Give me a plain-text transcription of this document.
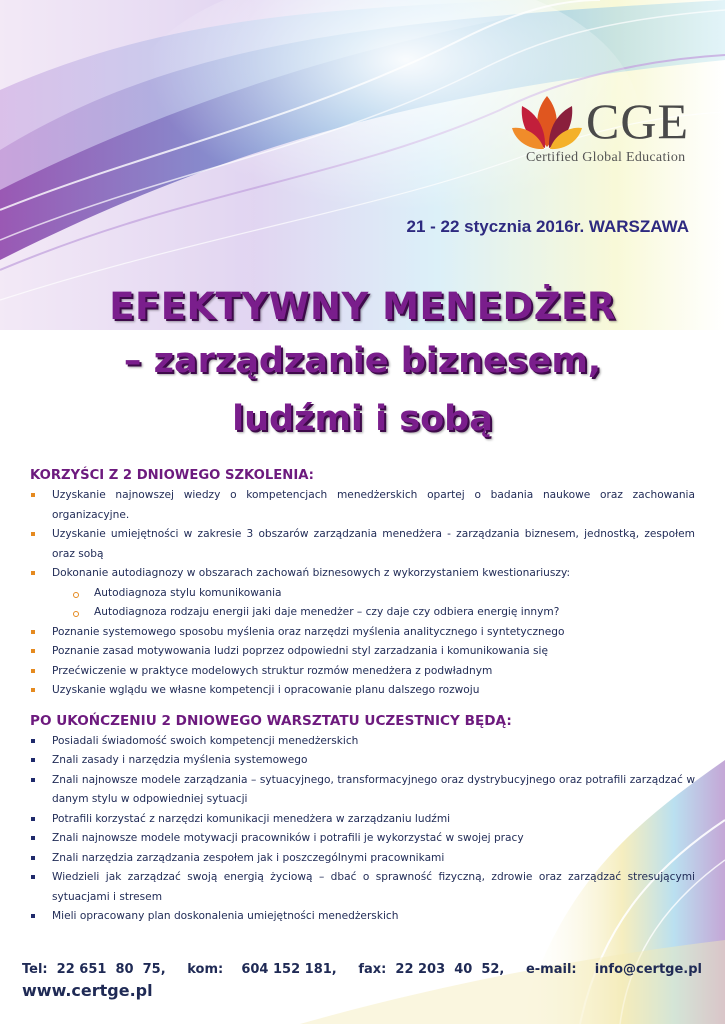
CGE
Certified Global Education
21 - 22 stycznia 2016r. WARSZAWA
EFEKTYWNY MENEDŻER
– zarządzanie biznesem,
ludźmi i sobą
KORZYŚCI Z 2 DNIOWEGO SZKOLENIA:
Uzyskanie najnowszej wiedzy o kompetencjach menedżerskich opartej o badania naukowe oraz zachowania organizacyjne.
Uzyskanie umiejętności w zakresie 3 obszarów zarządzania menedżera - zarządzania biznesem, jednostką, zespołem oraz sobą
Dokonanie autodiagnozy w obszarach zachowań biznesowych z wykorzystaniem kwestionariuszy:
Autodiagnoza stylu komunikowania
Autodiagnoza rodzaju energii jaki daje menedżer – czy daje czy odbiera energię innym?
Poznanie systemowego sposobu myślenia oraz narzędzi myślenia analitycznego i syntetycznego
Poznanie zasad motywowania ludzi poprzez odpowiedni styl zarzadzania i komunikowania się
Przećwiczenie w praktyce modelowych struktur rozmów menedżera z podwładnym
Uzyskanie wglądu we własne kompetencji i opracowanie planu dalszego rozwoju
PO UKOŃCZENIU 2 DNIOWEGO WARSZTATU UCZESTNICY BĘDĄ:
Posiadali świadomość swoich kompetencji menedżerskich
Znali zasady i narzędzia myślenia systemowego
Znali najnowsze modele zarządzania – sytuacyjnego, transformacyjnego oraz dystrybucyjnego oraz potrafili zarządzać w danym stylu w odpowiedniej sytuacji
Potrafili korzystać z narzędzi komunikacji menedżera w zarządzaniu ludźmi
Znali najnowsze modele motywacji pracowników i potrafili je wykorzystać w swojej pracy
Znali narzędzia zarządzania zespołem jak i poszczególnymi pracownikami
Wiedzieli jak zarządzać swoją energią życiową – dbać o sprawność fizyczną, zdrowie oraz zarządzać stresującymi sytuacjami i stresem
Mieli opracowany plan doskonalenia umiejętności menedżerskich
Tel:  22 651  80  75, kom:    604 152 181, fax:  22 203  40  52, e-mail:    info@certge.pl
www.certge.pl
